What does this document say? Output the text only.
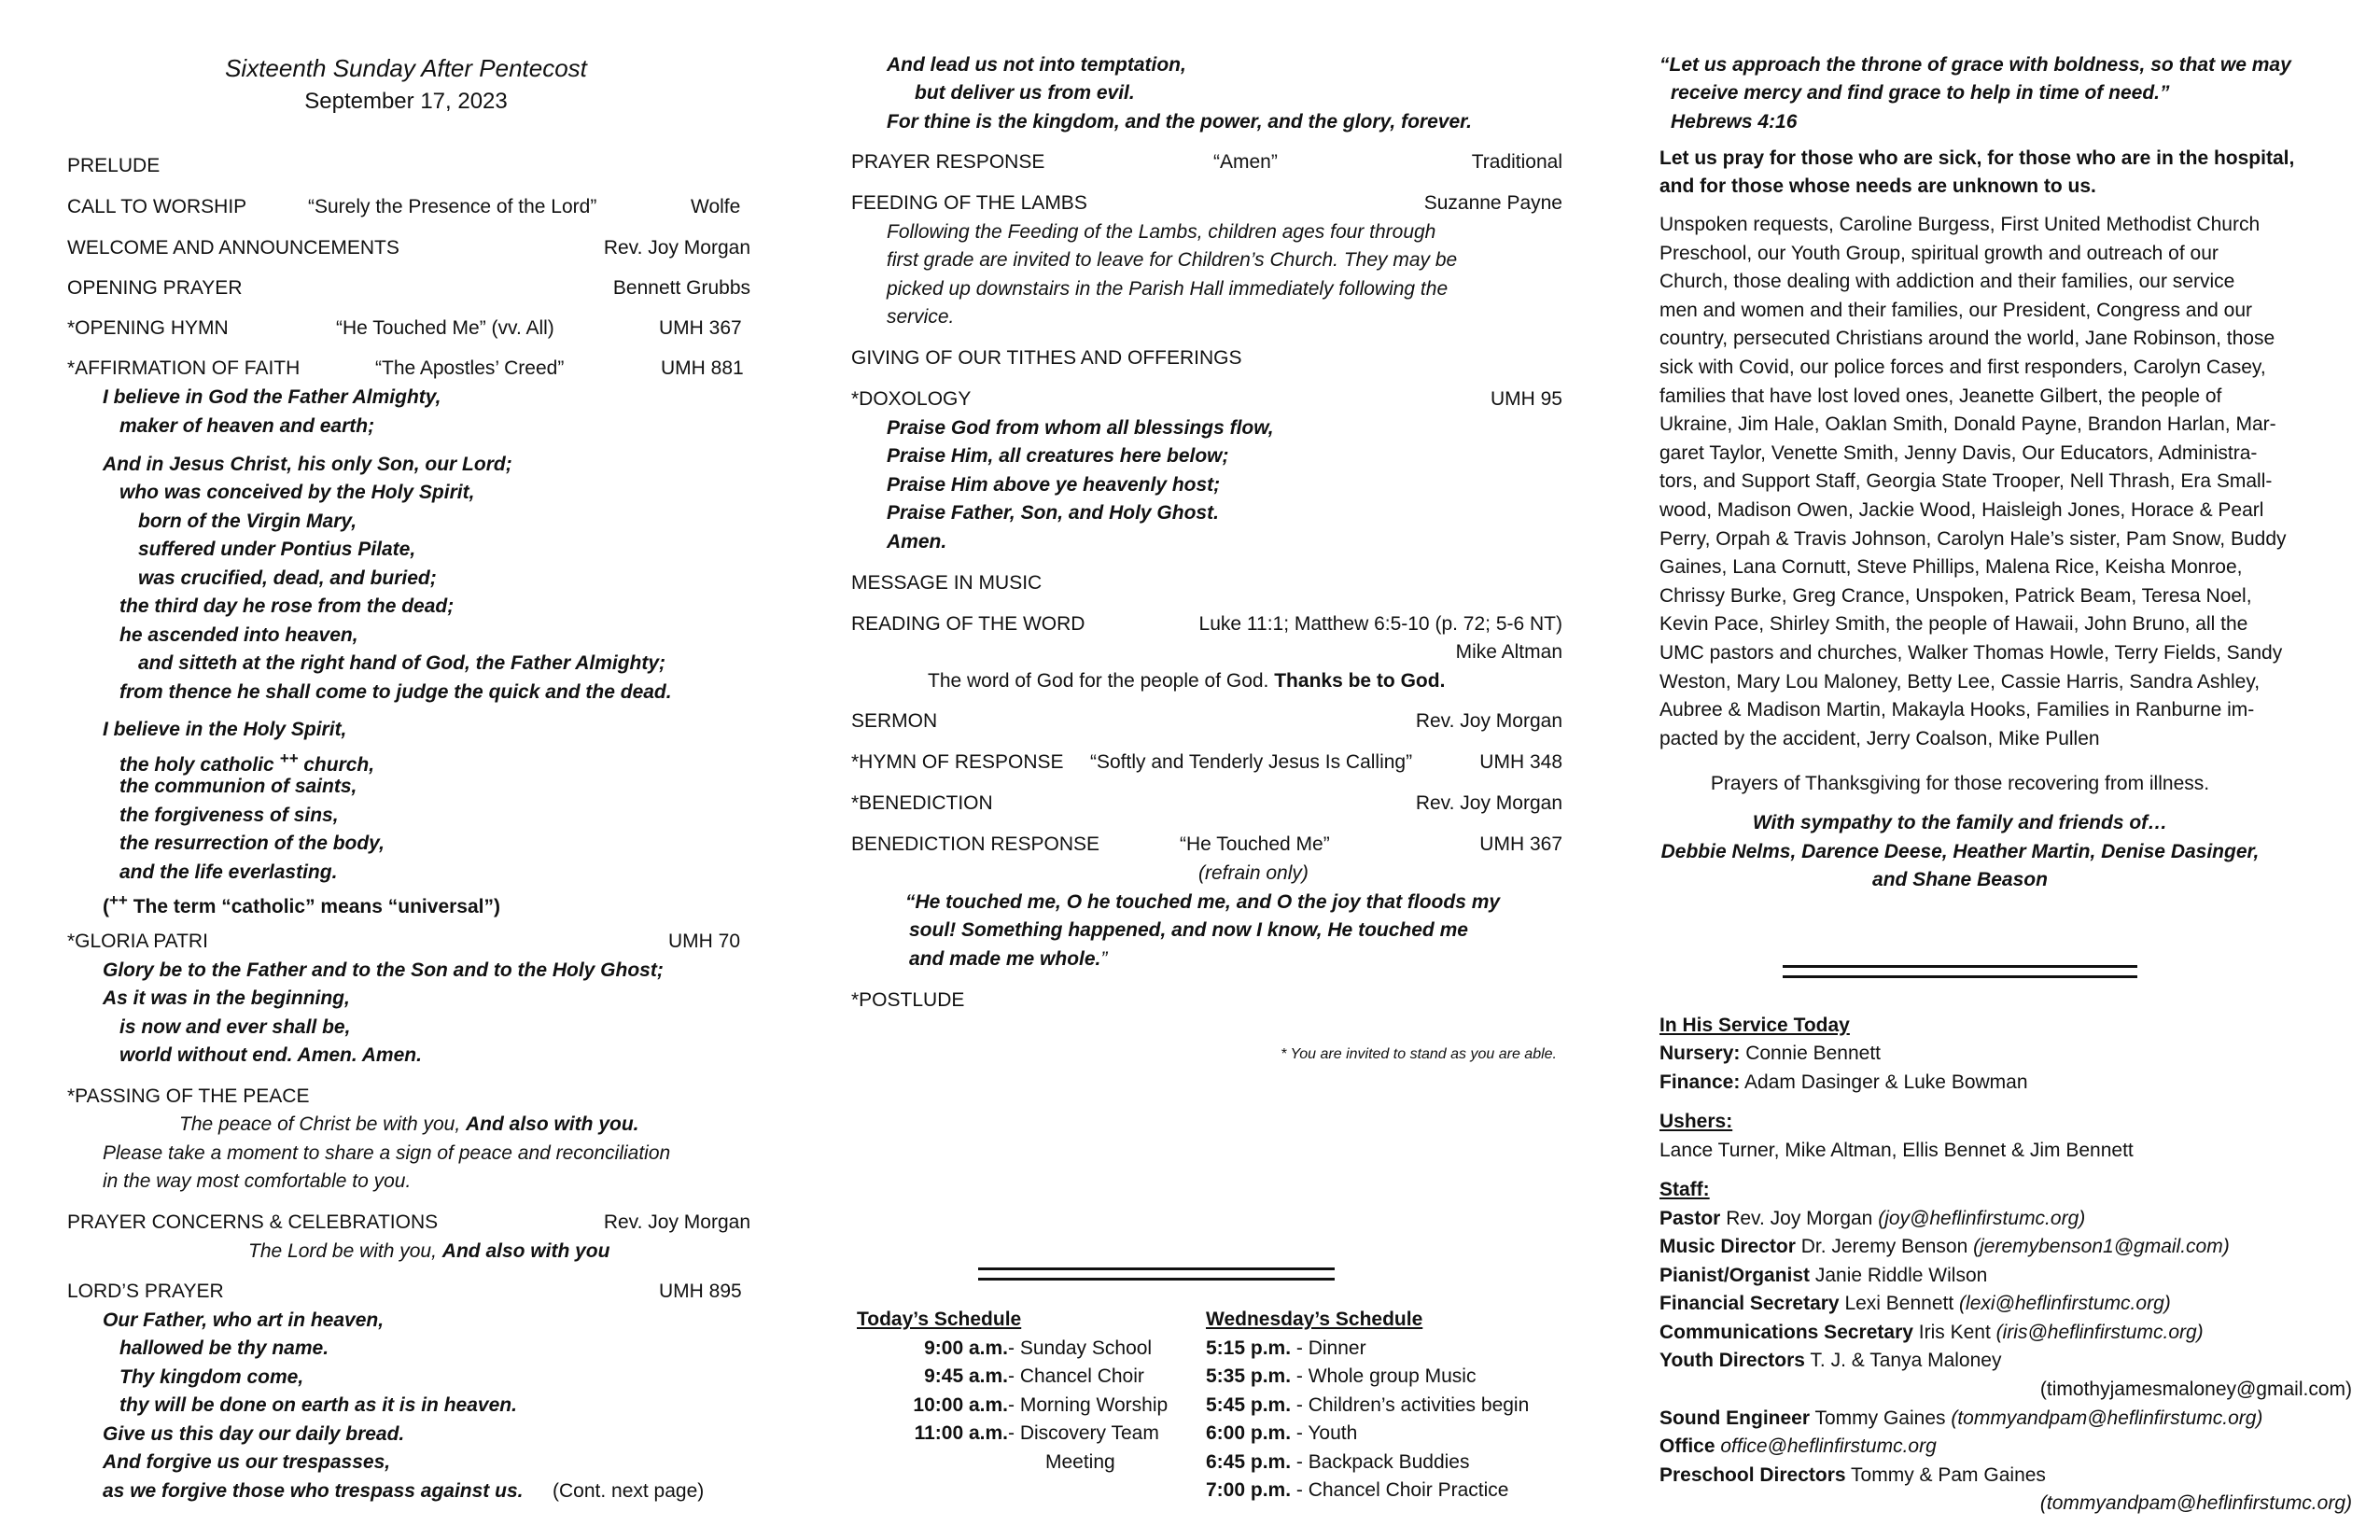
Sixteenth Sunday After Pentecost
September 17, 2023
PRELUDE
CALL TO WORSHIP	“Surely the Presence of the Lord”	Wolfe
WELCOME AND ANNOUNCEMENTS	Rev. Joy Morgan
OPENING PRAYER	Bennett Grubbs
*OPENING HYMN	“He Touched Me” (vv. All)	UMH 367
*AFFIRMATION OF FAITH	“The Apostles’ Creed”	UMH 881
I believe in God the Father Almighty,
maker of heaven and earth;
And in Jesus Christ, his only Son, our Lord;
who was conceived by the Holy Spirit,
born of the Virgin Mary,
suffered under Pontius Pilate,
was crucified, dead, and buried;
the third day he rose from the dead;
he ascended into heaven,
and sitteth at the right hand of God, the Father Almighty;
from thence he shall come to judge the quick and the dead.
I believe in the Holy Spirit,
the holy catholic ++ church,
the communion of saints,
the forgiveness of sins,
the resurrection of the body,
and the life everlasting.
(++ The term “catholic” means “universal”)
*GLORIA PATRI	UMH 70
Glory be to the Father and to the Son and to the Holy Ghost;
As it was in the beginning,
is now and ever shall be,
world without end. Amen. Amen.
*PASSING OF THE PEACE
The peace of Christ be with you, And also with you.
Please take a moment to share a sign of peace and reconciliation
in the way most comfortable to you.
PRAYER CONCERNS & CELEBRATIONS	Rev. Joy Morgan
The Lord be with you, And also with you
LORD’S PRAYER	UMH 895
Our Father, who art in heaven,
hallowed be thy name.
Thy kingdom come,
thy will be done on earth as it is in heaven.
Give us this day our daily bread.
And forgive us our trespasses,
as we forgive those who trespass against us. (Cont. next page)
And lead us not into temptation,
but deliver us from evil.
For thine is the kingdom, and the power, and the glory, forever.
PRAYER RESPONSE	“Amen”	Traditional
FEEDING OF THE LAMBS	Suzanne Payne
Following the Feeding of the Lambs, children ages four through
first grade are invited to leave for Children’s Church. They may be
picked up downstairs in the Parish Hall immediately following the
service.
GIVING OF OUR TITHES AND OFFERINGS
*DOXOLOGY	UMH 95
Praise God from whom all blessings flow,
Praise Him, all creatures here below;
Praise Him above ye heavenly host;
Praise Father, Son, and Holy Ghost.
Amen.
MESSAGE IN MUSIC
READING OF THE WORD	Luke 11:1; Matthew 6:5-10 (p. 72; 5-6 NT)
Mike Altman
The word of God for the people of God. Thanks be to God.
SERMON	Rev. Joy Morgan
*HYMN OF RESPONSE “Softly and Tenderly Jesus Is Calling”	UMH 348
*BENEDICTION	Rev. Joy Morgan
BENEDICTION RESPONSE	“He Touched Me”	UMH 367
(refrain only)
“He touched me, O he touched me, and O the joy that floods my
soul! Something happened, and now I know, He touched me
and made me whole.”
*POSTLUDE
* You are invited to stand as you are able.
Today’s Schedule
9:00 a.m. - Sunday School
9:45 a.m. - Chancel Choir
10:00 a.m. - Morning Worship
11:00 a.m. - Discovery Team
Meeting
Wednesday’s Schedule
5:15 p.m. - Dinner
5:35 p.m. - Whole group Music
5:45 p.m. - Children’s activities begin
6:00 p.m. - Youth
6:45 p.m. - Backpack Buddies
7:00 p.m. - Chancel Choir Practice
“Let us approach the throne of grace with boldness, so that we may
receive mercy and find grace to help in time of need.”
Hebrews 4:16
Let us pray for those who are sick, for those who are in the hospital,
and for those whose needs are unknown to us.
Unspoken requests, Caroline Burgess, First United Methodist Church
Preschool, our Youth Group, spiritual growth and outreach of our
Church, those dealing with addiction and their families, our service
men and women and their families, our President, Congress and our
country, persecuted Christians around the world, Jane Robinson, those
sick with Covid, our police forces and first responders, Carolyn Casey,
families that have lost loved ones, Jeanette Gilbert, the people of
Ukraine, Jim Hale, Oaklan Smith, Donald Payne, Brandon Harlan, Mar-
garet Taylor, Venette Smith, Jenny Davis, Our Educators, Administra-
tors, and Support Staff, Georgia State Trooper, Nell Thrash, Era Small-
wood, Madison Owen, Jackie Wood, Haisleigh Jones, Horace & Pearl
Perry, Orpah & Travis Johnson, Carolyn Hale’s sister, Pam Snow, Buddy
Gaines, Lana Cornutt, Steve Phillips, Malena Rice, Keisha Monroe,
Chrissy Burke, Greg Crance, Unspoken, Patrick Beam, Teresa Noel,
Kevin Pace, Shirley Smith, the people of Hawaii, John Bruno, all the
UMC pastors and churches, Walker Thomas Howle, Terry Fields, Sandy
Weston, Mary Lou Maloney, Betty Lee, Cassie Harris, Sandra Ashley,
Aubree & Madison Martin, Makayla Hooks, Families in Ranburne im-
pacted by the accident, Jerry Coalson, Mike Pullen
Prayers of Thanksgiving for those recovering from illness.
With sympathy to the family and friends of…
Debbie Nelms, Darence Deese, Heather Martin, Denise Dasinger,
and Shane Beason
In His Service Today
Nursery: Connie Bennett
Finance: Adam Dasinger & Luke Bowman
Ushers:
Lance Turner, Mike Altman, Ellis Bennet & Jim Bennett
Staff:
Pastor Rev. Joy Morgan (joy@heflinfirstumc.org)
Music Director Dr. Jeremy Benson (jeremybenson1@gmail.com)
Pianist/Organist Janie Riddle Wilson
Financial Secretary Lexi Bennett (lexi@heflinfirstumc.org)
Communications Secretary Iris Kent (iris@heflinfirstumc.org)
Youth Directors T. J. & Tanya Maloney
(timothyjamesmaloney@gmail.com)
Sound Engineer Tommy Gaines (tommyandpam@heflinfirstumc.org)
Office office@heflinfirstumc.org
Preschool Directors Tommy & Pam Gaines
(tommyandpam@heflinfirstumc.org)
